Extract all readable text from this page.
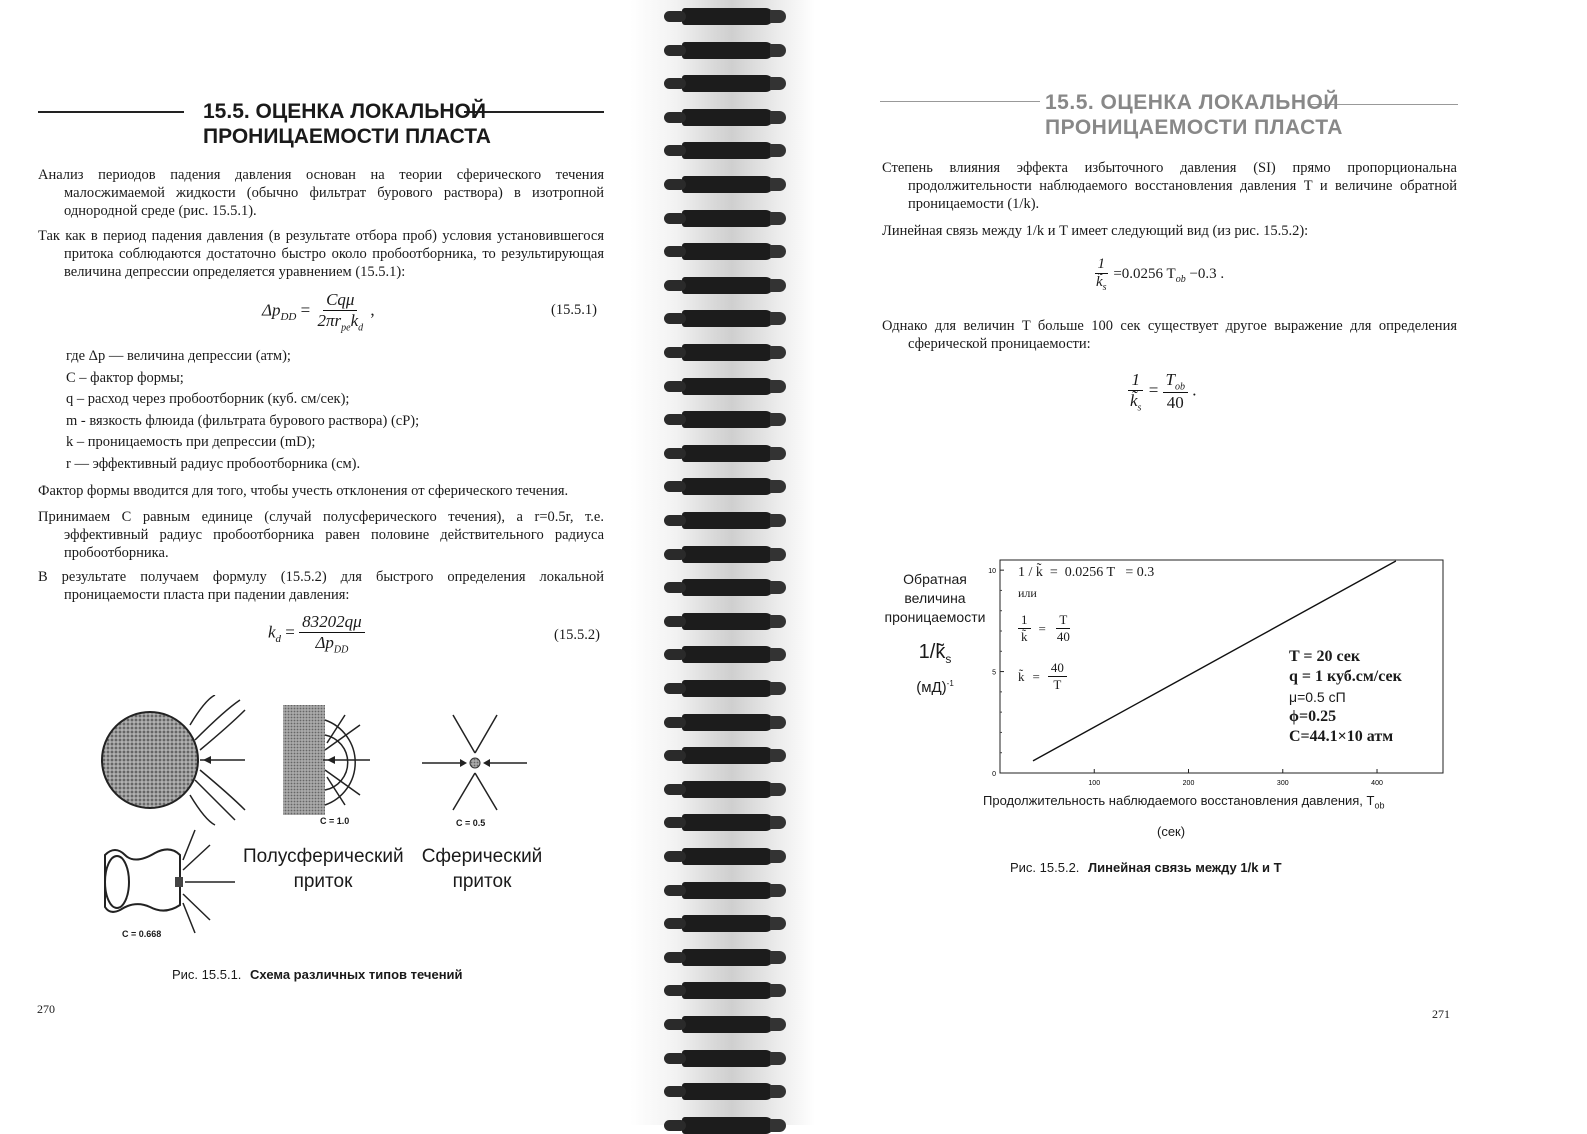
15.5. ОЦЕНКА ЛОКАЛЬНОЙ
ПРОНИЦАЕМОСТИ ПЛАСТА
Анализ периодов падения давления основан на теории сферического течения малосжимаемой жидкости (обычно фильтрат бурового раствора) в изотропной однородной среде (рис. 15.5.1).
Так как в период падения давления (в результате отбора проб) условия установившегося притока соблюдаются достаточно быстро около пробоотборника, то результирующая величина депрессии определяется уравнением (15.5.1):
$\Delta p_{DD} = \frac{\text{Cqμ}}{2\pi r_{pe}k_d}$ ,	(15.5.1)
где Δp — величина депрессии (атм);
C – фактор формы;
q – расход через пробоотборник (куб. см/сек);
m - вязкость флюида (фильтрата бурового раствора) (cP);
k – проницаемость при депрессии (mD);
r — эффективный радиус пробоотборника (см).
Фактор формы вводится для того, чтобы учесть отклонения от сферического течения.
Принимаем С равным единице (случай полусферического течения), а r=0.5r, т.е. эффективный радиус пробоотборника равен половине действительного радиуса пробоотборника.
В результате получаем формулу (15.5.2) для быстрого определения локальной проницаемости пласта при падении давления:
$k_d = \frac{83202q\mu}{\Delta p_{DD}}$	(15.5.2)
C = 1.0	C = 0.5
C = 0.668
Полусферический приток
Сферический приток
Рис. 15.5.1. Схема различных типов течений
270
15.5. ОЦЕНКА ЛОКАЛЬНОЙ
ПРОНИЦАЕМОСТИ ПЛАСТА
Степень влияния эффекта избыточного давления (SI) прямо пропорциональна продолжительности наблюдаемого восстановления давления T и величине обратной проницаемости (1/k).
Линейная связь между 1/k и T имеет следующий вид (из рис. 15.5.2):
$\frac{1}{k̃_s} =0.0256$ $T_{ob} -0.3$ .
Однако для величин T больше 100 сек существует другое выражение для определения сферической проницаемости:
$\frac{1}{k̃_s} = \frac{T_{ob}}{40}$ .
Обратная
величина
проницаемости
$1/k̃_s$
(мД)$^{-1}$
100	200	300	400
0
5
10 1 / k̃  =  0.0256 T   = 0.3
или
$\frac{1}{k̃} = \frac{T}{40}$
k̃ = $\frac{40}{T}$
T = 20 сек
q = 1 куб.см/сек
μ=0.5 сП
ϕ=0.25
C=44.1×10 атм
Продолжительность наблюдаемого восстановления давления, $T_{ob}$
(сек)
Рис. 15.5.2. Линейная связь между 1/k и T
271
